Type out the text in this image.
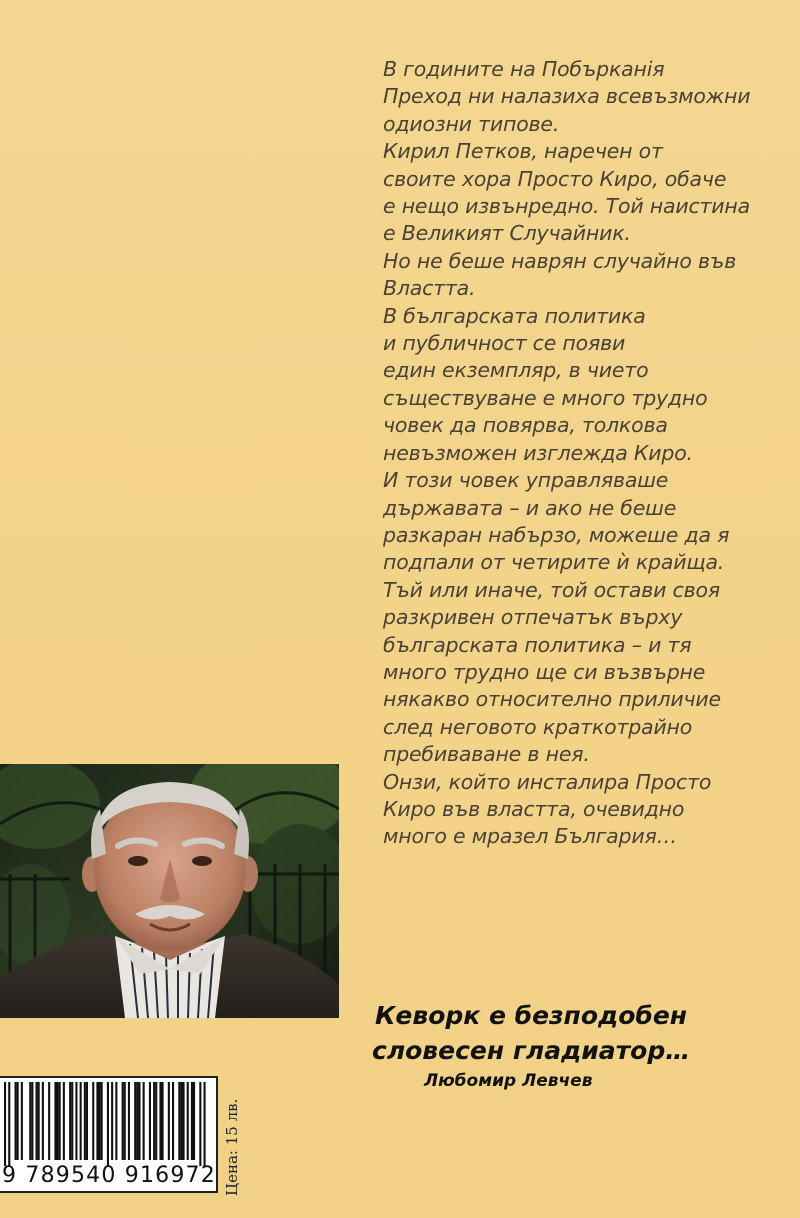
В годините на Побърканія
Преход ни налазиха всевъзможни
одиозни типове.
Кирил Петков, наречен от
своите хора Просто Киро, обаче
е нещо извънредно. Той наистина
е Великият Случайник.
Но не беше наврян случайно във
Властта.
В българската политика
и публичност се появи
един екземпляр, в чието
съществуване е много трудно
човек да повярва, толкова
невъзможен изглежда Киро.
И този човек управляваше
държавата – и ако не беше
разкаран набързо, можеше да я
подпали от четирите ѝ крайща.
Тъй или иначе, той остави своя
разкривен отпечатък върху
българската политика – и тя
много трудно ще си възвърне
някакво относително приличие
след неговото краткотрайно
пребиваване в нея.
Онзи, който инсталира Просто
Киро във властта, очевидно
много е мразел България…
Кеворк е безподобен
словесен гладиатор…
Любомир Левчев
9 789540 916972 Цена: 15 лв.
